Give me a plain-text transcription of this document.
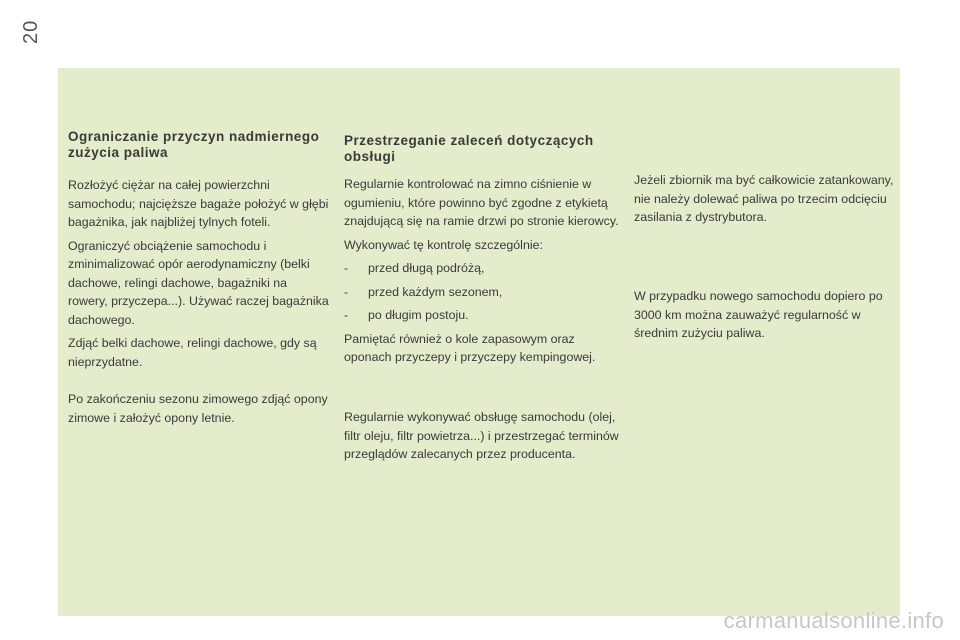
20
Ograniczanie przyczyn nadmiernego zużycia paliwa

Rozłożyć ciężar na całej powierzchni samochodu; najcięższe bagaże położyć w głębi bagażnika, jak najbliżej tylnych foteli.

Ograniczyć obciążenie samochodu i zminimalizować opór aerodynamiczny (belki dachowe, relingi dachowe, bagażniki na rowery, przyczepa...). Używać raczej bagażnika dachowego.

Zdjąć belki dachowe, relingi dachowe, gdy są nieprzydatne.

Po zakończeniu sezonu zimowego zdjąć opony zimowe i założyć opony letnie.

Przestrzeganie zaleceń dotyczących obsługi

Regularnie kontrolować na zimno ciśnienie w ogumieniu, które powinno być zgodne z etykietą znajdującą się na ramie drzwi po stronie kierowcy.

Wykonywać tę kontrolę szczególnie:

- przed długą podróżą,
- przed każdym sezonem,
- po długim postoju.

Pamiętać również o kole zapasowym oraz oponach przyczepy i przyczepy kempingowej.

Regularnie wykonywać obsługę samochodu (olej, filtr oleju, filtr powietrza...) i przestrzegać terminów przeglądów zalecanych przez producenta.

Jeżeli zbiornik ma być całkowicie zatankowany, nie należy dolewać paliwa po trzecim odcięciu zasilania z dystrybutora.

W przypadku nowego samochodu dopiero po 3000 km można zauważyć regularność w średnim zużyciu paliwa.

carmanualsonline.info
